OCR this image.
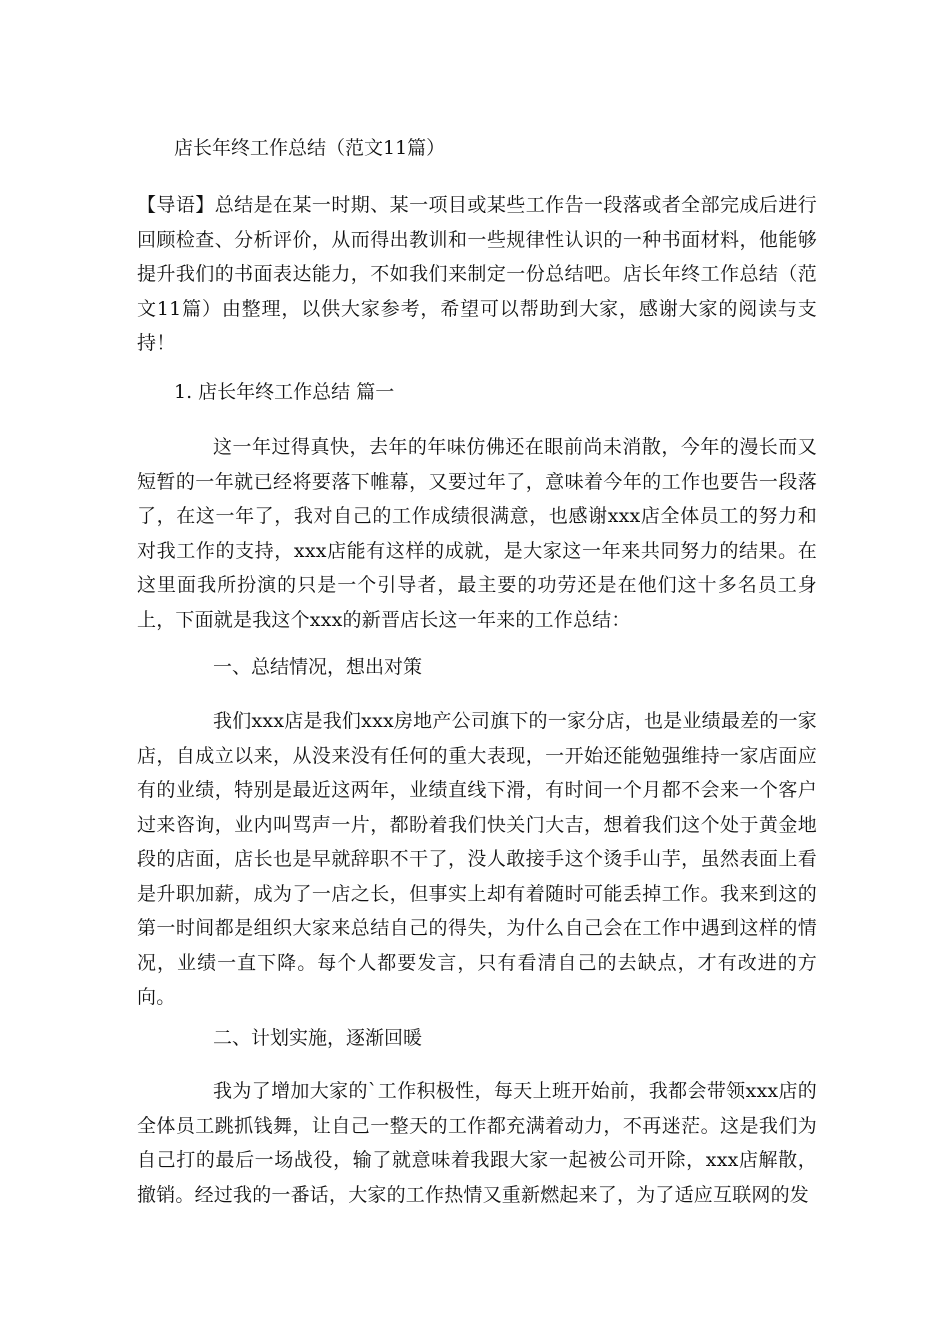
店长年终工作总结（范文11篇）

【导语】总结是在某一时期、某一项目或某些工作告一段落或者全部完成后进行回顾检查、分析评价，从而得出教训和一些规律性认识的一种书面材料，他能够提升我们的书面表达能力，不如我们来制定一份总结吧。店长年终工作总结（范文11篇）由整理，以供大家参考，希望可以帮助到大家，感谢大家的阅读与支持！

1. 店长年终工作总结 篇一

这一年过得真快，去年的年味仿佛还在眼前尚未消散，今年的漫长而又短暂的一年就已经将要落下帷幕，又要过年了，意味着今年的工作也要告一段落了，在这一年了，我对自己的工作成绩很满意，也感谢xxx店全体员工的努力和对我工作的支持，xxx店能有这样的成就，是大家这一年来共同努力的结果。在这里面我所扮演的只是一个引导者，最主要的功劳还是在他们这十多名员工身上，下面就是我这个xxx的新晋店长这一年来的工作总结：

一、总结情况，想出对策

我们xxx店是我们xxx房地产公司旗下的一家分店，也是业绩最差的一家店，自成立以来，从没来没有任何的重大表现，一开始还能勉强维持一家店面应有的业绩，特别是最近这两年，业绩直线下滑，有时间一个月都不会来一个客户过来咨询，业内叫骂声一片，都盼着我们快关门大吉，想着我们这个处于黄金地段的店面，店长也是早就辞职不干了，没人敢接手这个烫手山芋，虽然表面上看是升职加薪，成为了一店之长，但事实上却有着随时可能丢掉工作。我来到这的第一时间都是组织大家来总结自己的得失，为什么自己会在工作中遇到这样的情况，业绩一直下降。每个人都要发言，只有看清自己的去缺点，才有改进的方向。

二、计划实施，逐渐回暖

我为了增加大家的`工作积极性，每天上班开始前，我都会带领xxx店的全体员工跳抓钱舞，让自己一整天的工作都充满着动力，不再迷茫。这是我们为自己打的最后一场战役，输了就意味着我跟大家一起被公司开除，xxx店解散，撤销。经过我的一番话，大家的工作热情又重新燃起来了，为了适应互联网的发
